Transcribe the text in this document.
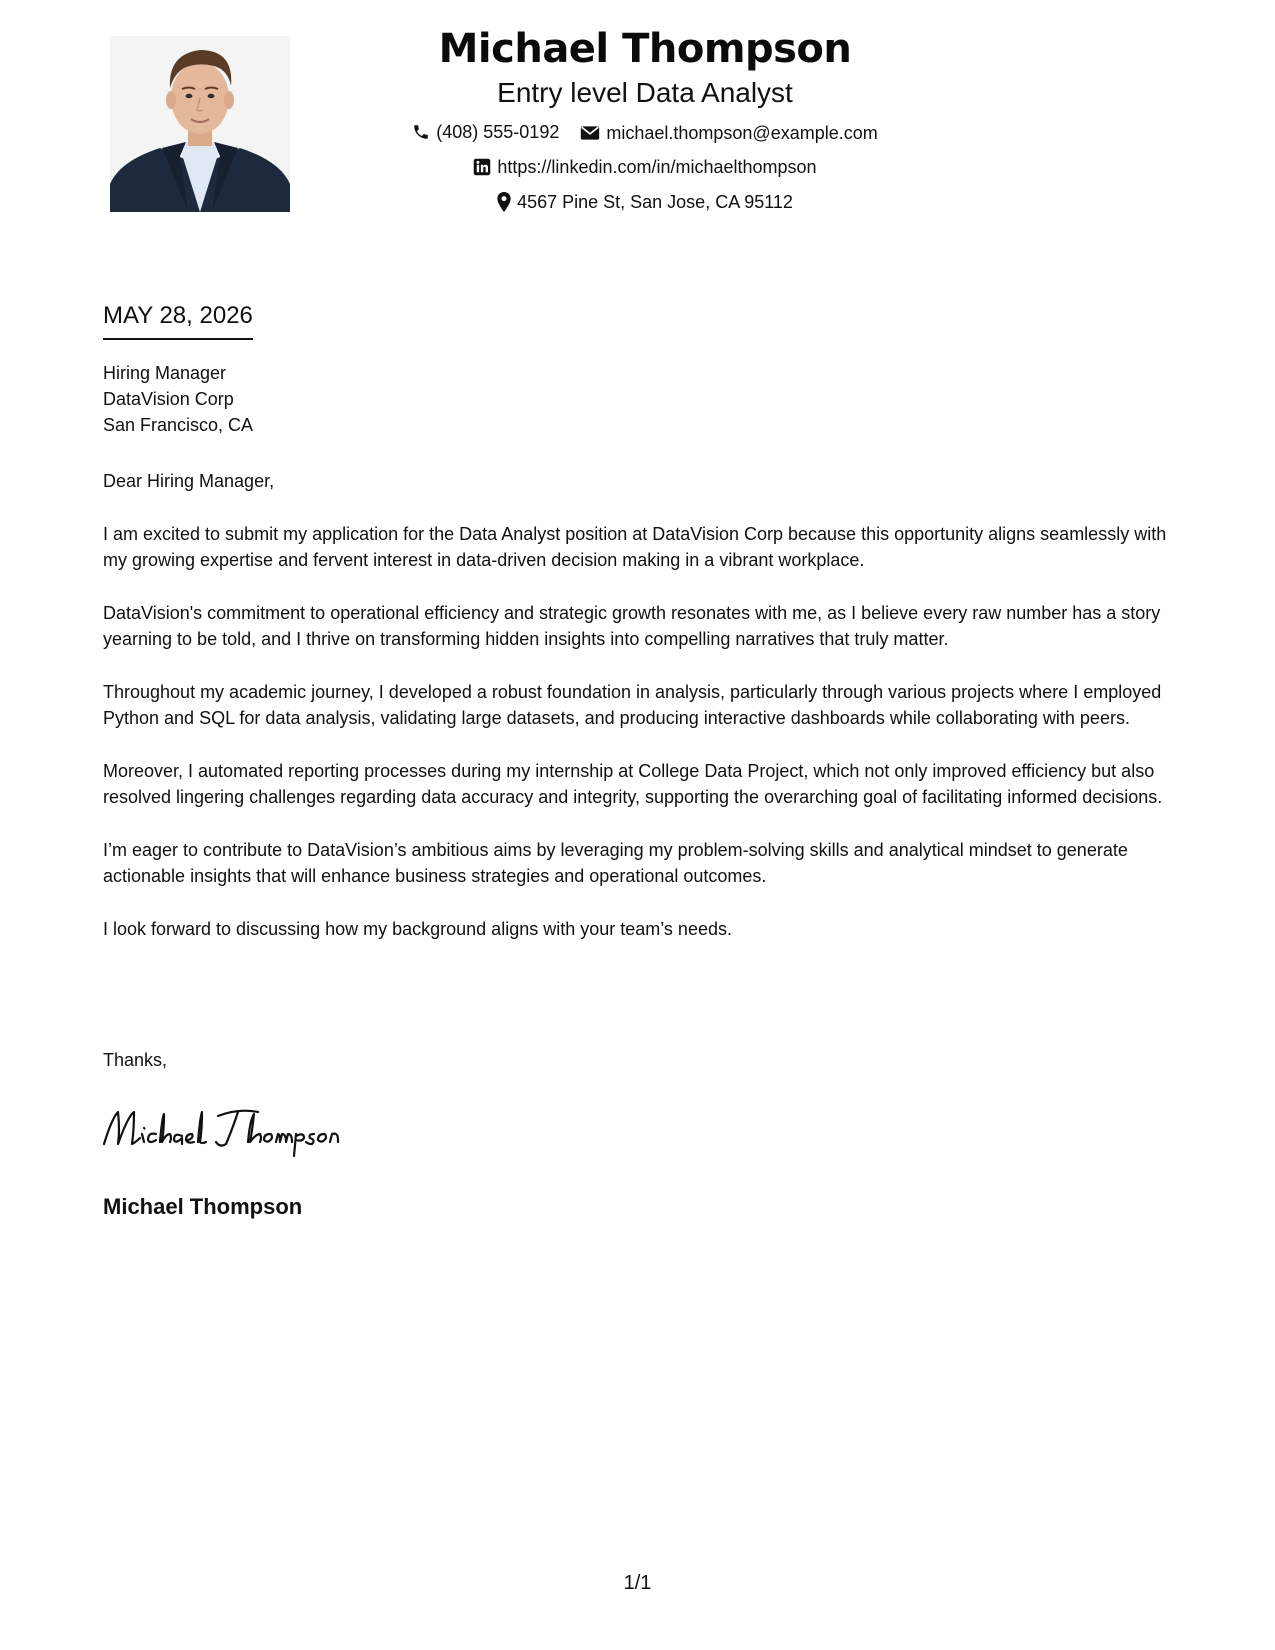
Michael Thompson
Entry level Data Analyst
(408) 555-0192
	michael.thompson@example.com
https://linkedin.com/in/michaelthompson
4567 Pine St, San Jose, CA 95112
MAY 28, 2026
Hiring Manager
DataVision Corp
San Francisco, CA

Dear Hiring Manager,

I am excited to submit my application for the Data Analyst position at DataVision Corp because this opportunity aligns seamlessly with my growing expertise and fervent interest in data-driven decision making in a vibrant workplace.

DataVision's commitment to operational efficiency and strategic growth resonates with me, as I believe every raw number has a story yearning to be told, and I thrive on transforming hidden insights into compelling narratives that truly matter.

Throughout my academic journey, I developed a robust foundation in analysis, particularly through various projects where I employed Python and SQL for data analysis, validating large datasets, and producing interactive dashboards while collaborating with peers.

Moreover, I automated reporting processes during my internship at College Data Project, which not only improved efficiency but also resolved lingering challenges regarding data accuracy and integrity, supporting the overarching goal of facilitating informed decisions.

I’m eager to contribute to DataVision’s ambitious aims by leveraging my problem-solving skills and analytical mindset to generate actionable insights that will enhance business strategies and operational outcomes.

I look forward to discussing how my background aligns with your team’s needs.

Thanks,
Michael Thompson
1/1
